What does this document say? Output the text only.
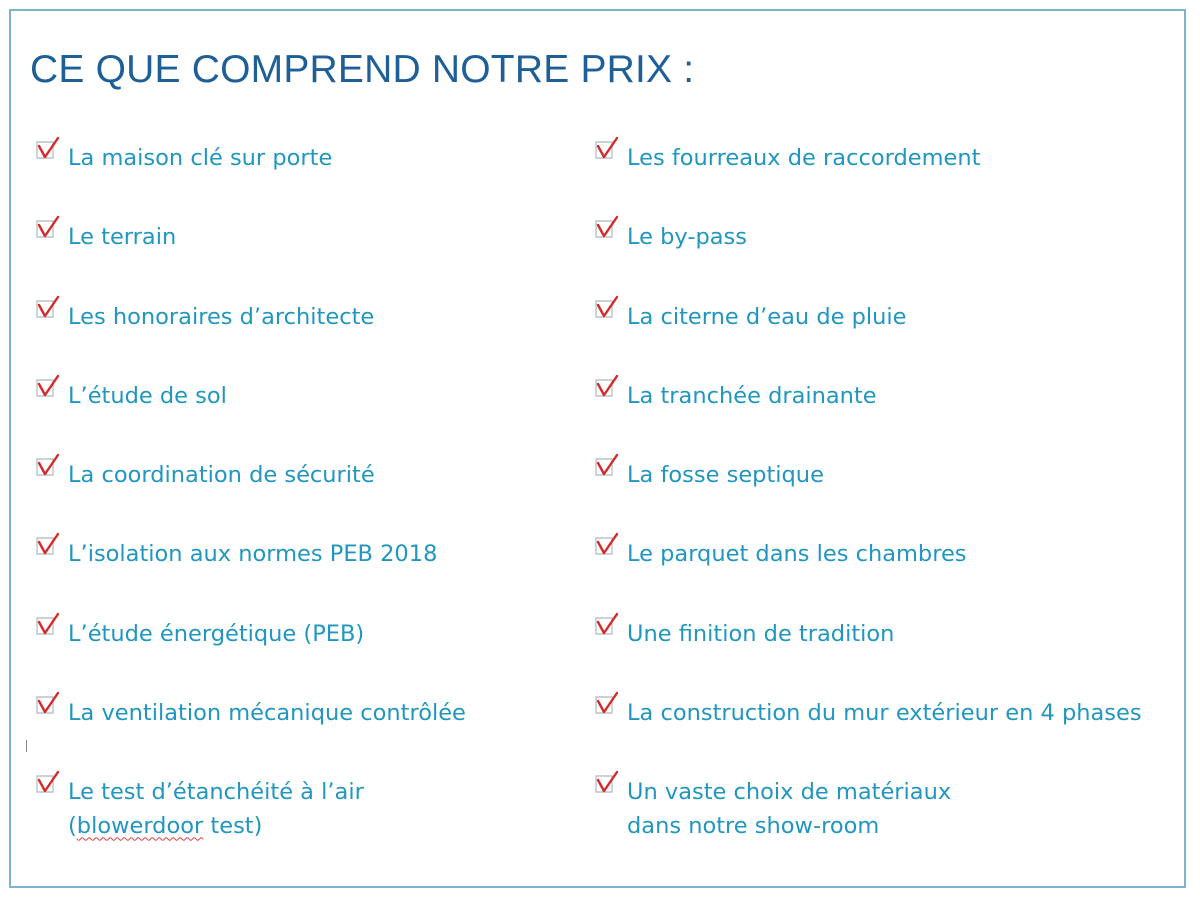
CE QUE COMPREND NOTRE PRIX :
La maison clé sur porte
Le terrain
Les honoraires d’architecte
L’étude de sol
La coordination de sécurité
L’isolation aux normes PEB 2018
L’étude énergétique (PEB)
La ventilation mécanique contrôlée
Le test d’étanchéité à l’air
(blowerdoor test)
Les fourreaux de raccordement
Le by-pass
La citerne d’eau de pluie
La tranchée drainante
La fosse septique
Le parquet dans les chambres
Une finition de tradition
La construction du mur extérieur en 4 phases
Un vaste choix de matériaux
dans notre show-room
